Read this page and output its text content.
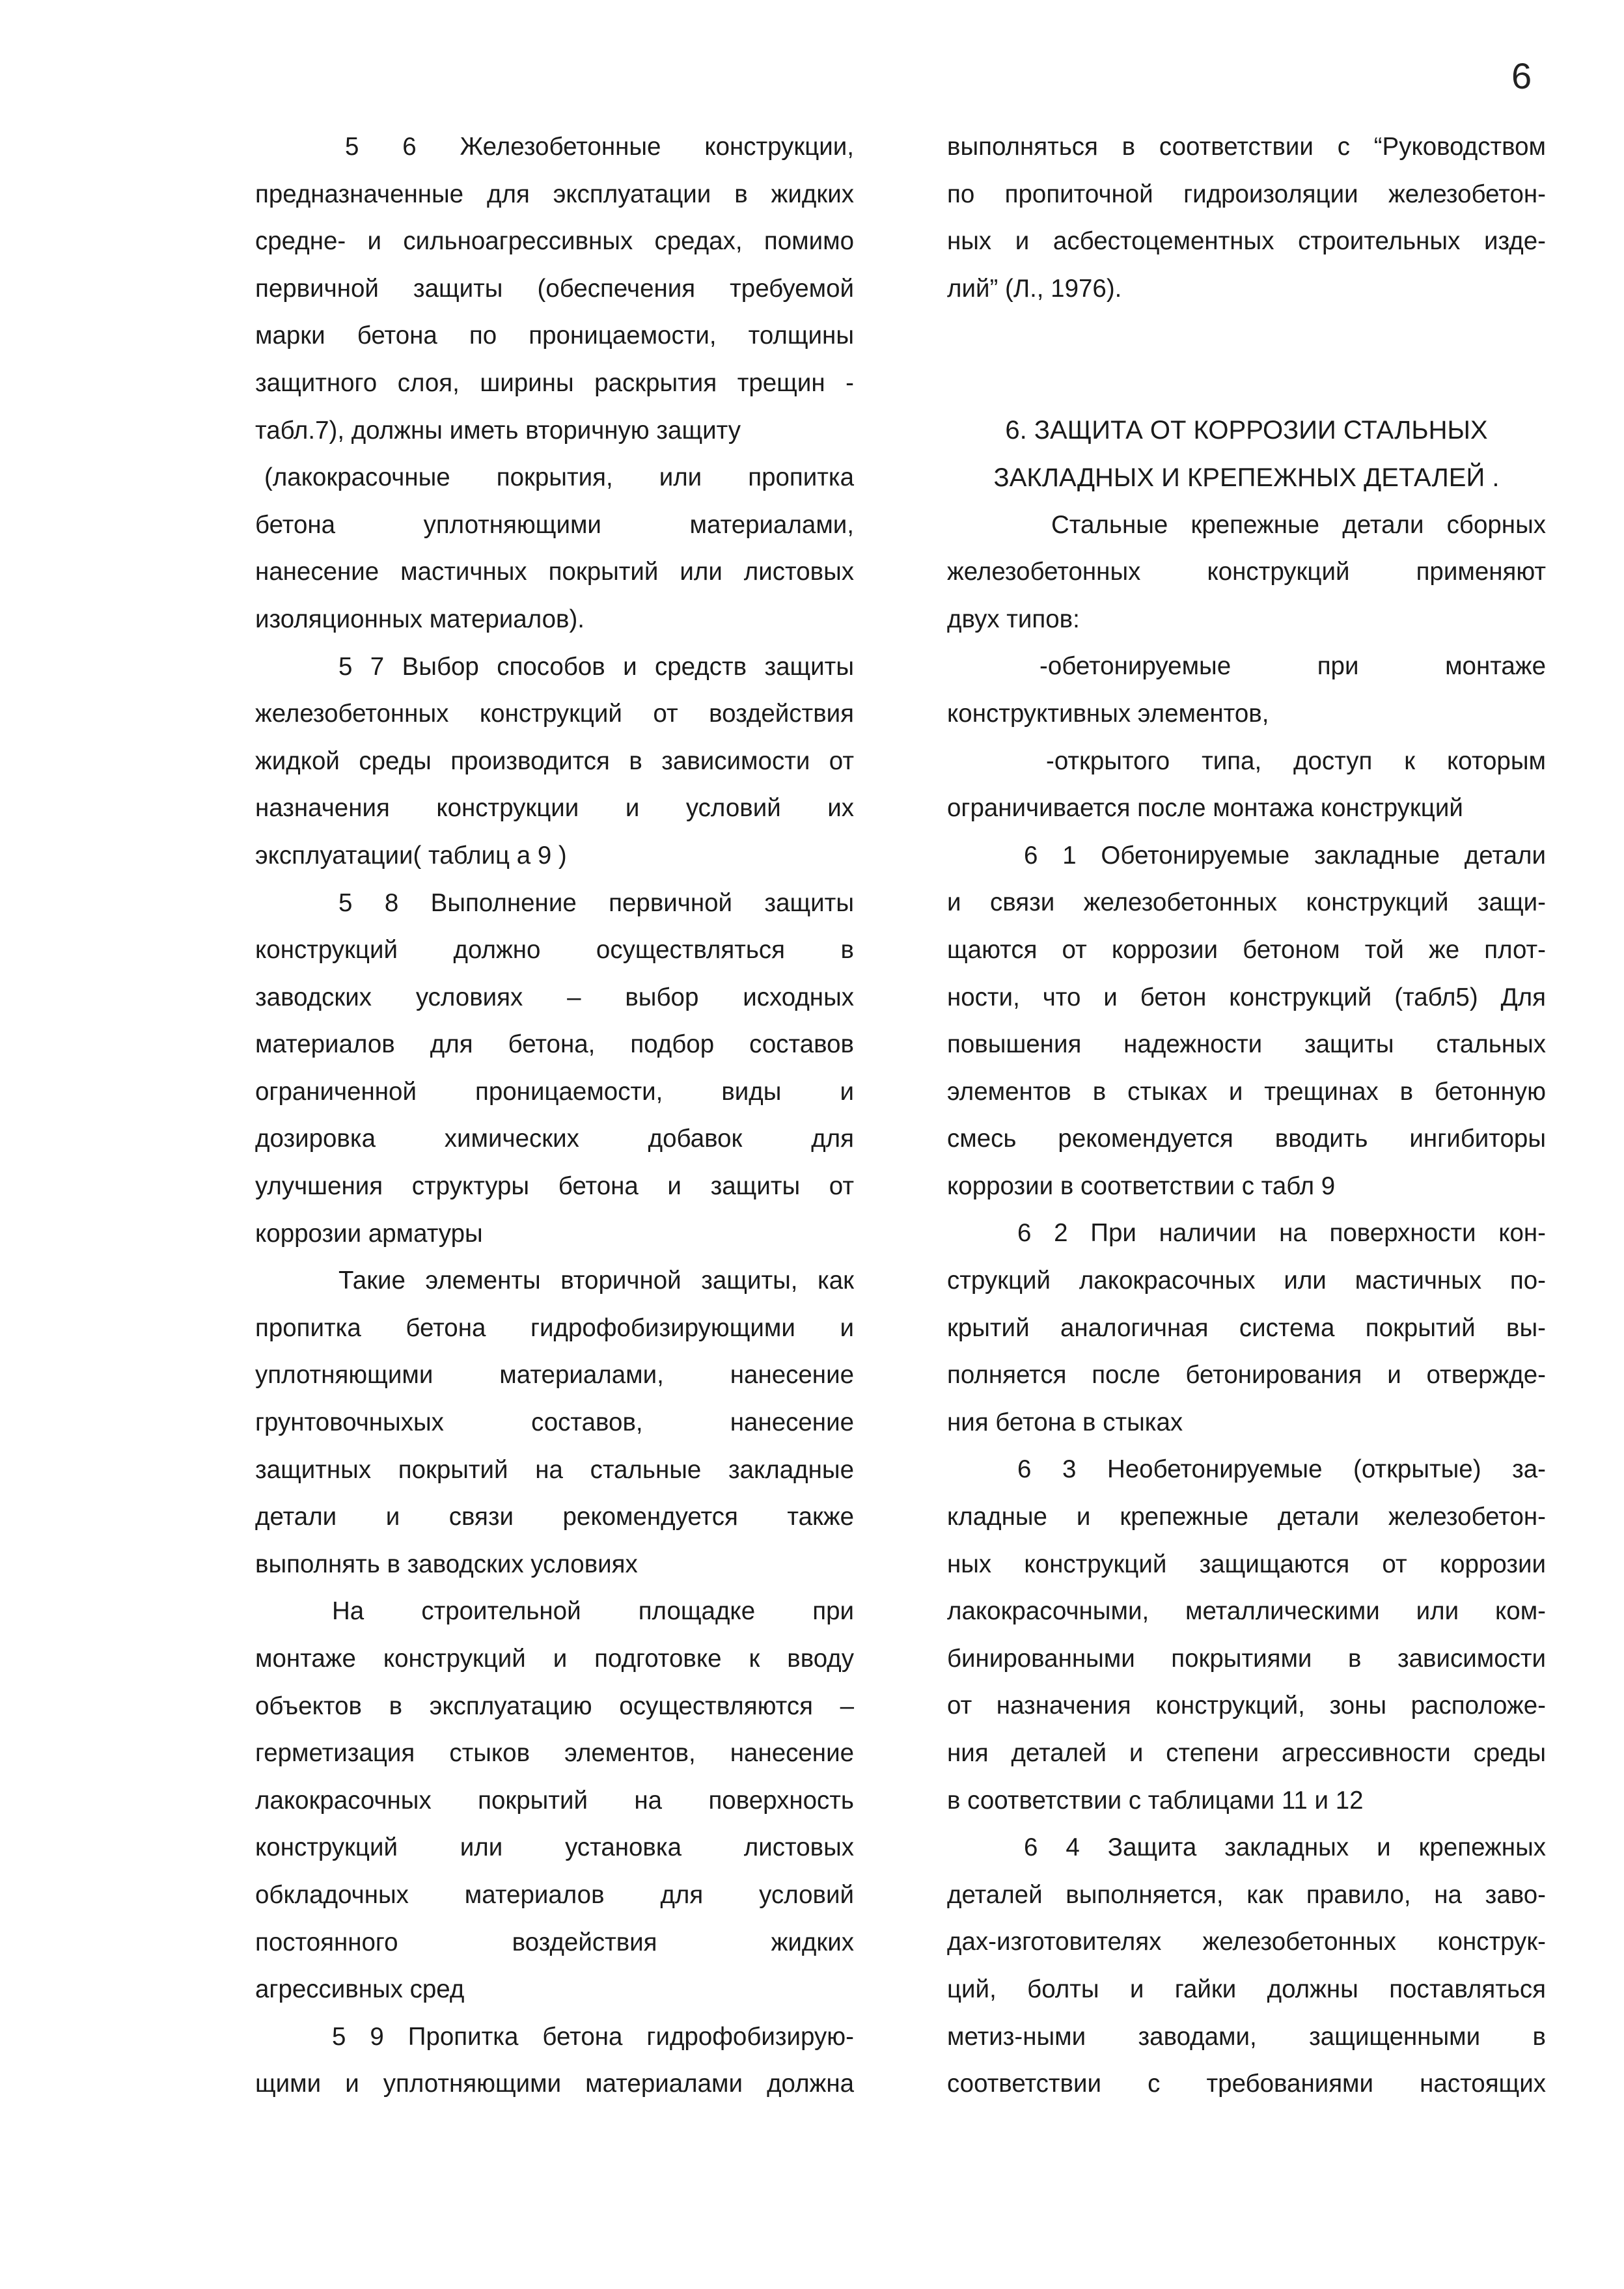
6
5 6 Железобетонные конструкции,
предназначенные для эксплуатации в жидких
средне- и сильноагрессивных средах, помимо
первичной защиты (обеспечения требуемой
марки бетона по проницаемости, толщины
защитного слоя, ширины раскрытия трещин -
табл.7), должны иметь вторичную защиту
(лакокрасочные покрытия, или пропитка
бетона уплотняющими материалами,
нанесение мастичных покрытий или листовых
изоляционных материалов).
5 7 Выбор способов и средств защиты
железобетонных конструкций от воздействия
жидкой среды производится в зависимости от
назначения конструкции и условий их
эксплуатации( таблиц а 9 )
5 8 Выполнение первичной защиты
конструкций должно осуществляться в
заводских условиях – выбор исходных
материалов для бетона, подбор составов
ограниченной проницаемости, виды и
дозировка химических добавок для
улучшения структуры бетона и защиты от
коррозии арматуры
Такие элементы вторичной защиты, как
пропитка бетона гидрофобизирующими и
уплотняющими материалами, нанесение
грунтовочныхых составов, нанесение
защитных покрытий на стальные закладные
детали и связи рекомендуется также
выполнять в заводских условиях
На строительной площадке при
монтаже конструкций и подготовке к вводу
объектов в эксплуатацию осуществляются –
герметизация стыков элементов, нанесение
лакокрасочных покрытий на поверхность
конструкций или установка листовых
обкладочных материалов для условий
постоянного воздействия жидких
агрессивных сред
5 9 Пропитка бетона гидрофобизирую-
щими и уплотняющими материалами должна
выполняться в соответствии с “Руководством
по пропиточной гидроизоляции железобетон-
ных и асбестоцементных строительных изде-
лий” (Л., 1976).
6. ЗАЩИТА ОТ КОРРОЗИИ СТАЛЬНЫХ
ЗАКЛАДНЫХ И КРЕПЕЖНЫХ ДЕТАЛЕЙ .
Стальные крепежные детали сборных
железобетонных конструкций применяют
двух типов:
-обетонируемые при монтаже
конструктивных элементов,
-открытого типа, доступ к которым
ограничивается после монтажа конструкций
6 1 Обетонируемые закладные детали
и связи железобетонных конструкций защи-
щаются от коррозии бетоном той же плот-
ности, что и бетон конструкций (табл5) Для
повышения надежности защиты стальных
элементов в стыках и трещинах в бетонную
смесь рекомендуется вводить ингибиторы
коррозии в соответствии с табл 9
6 2 При наличии на поверхности кон-
струкций лакокрасочных или мастичных по-
крытий аналогичная система покрытий вы-
полняется после бетонирования и отвержде-
ния бетона в стыках
6 3 Необетонируемые (открытые) за-
кладные и крепежные детали железобетон-
ных конструкций защищаются от коррозии
лакокрасочными, металлическими или ком-
бинированными покрытиями в зависимости
от назначения конструкций, зоны расположе-
ния деталей и степени агрессивности среды
в соответствии с таблицами 11 и 12
6 4 Защита закладных и крепежных
деталей выполняется, как правило, на заво-
дах-изготовителях железобетонных конструк-
ций, болты и гайки должны поставляться
метиз-ными заводами, защищенными в
соответствии с требованиями настоящих
